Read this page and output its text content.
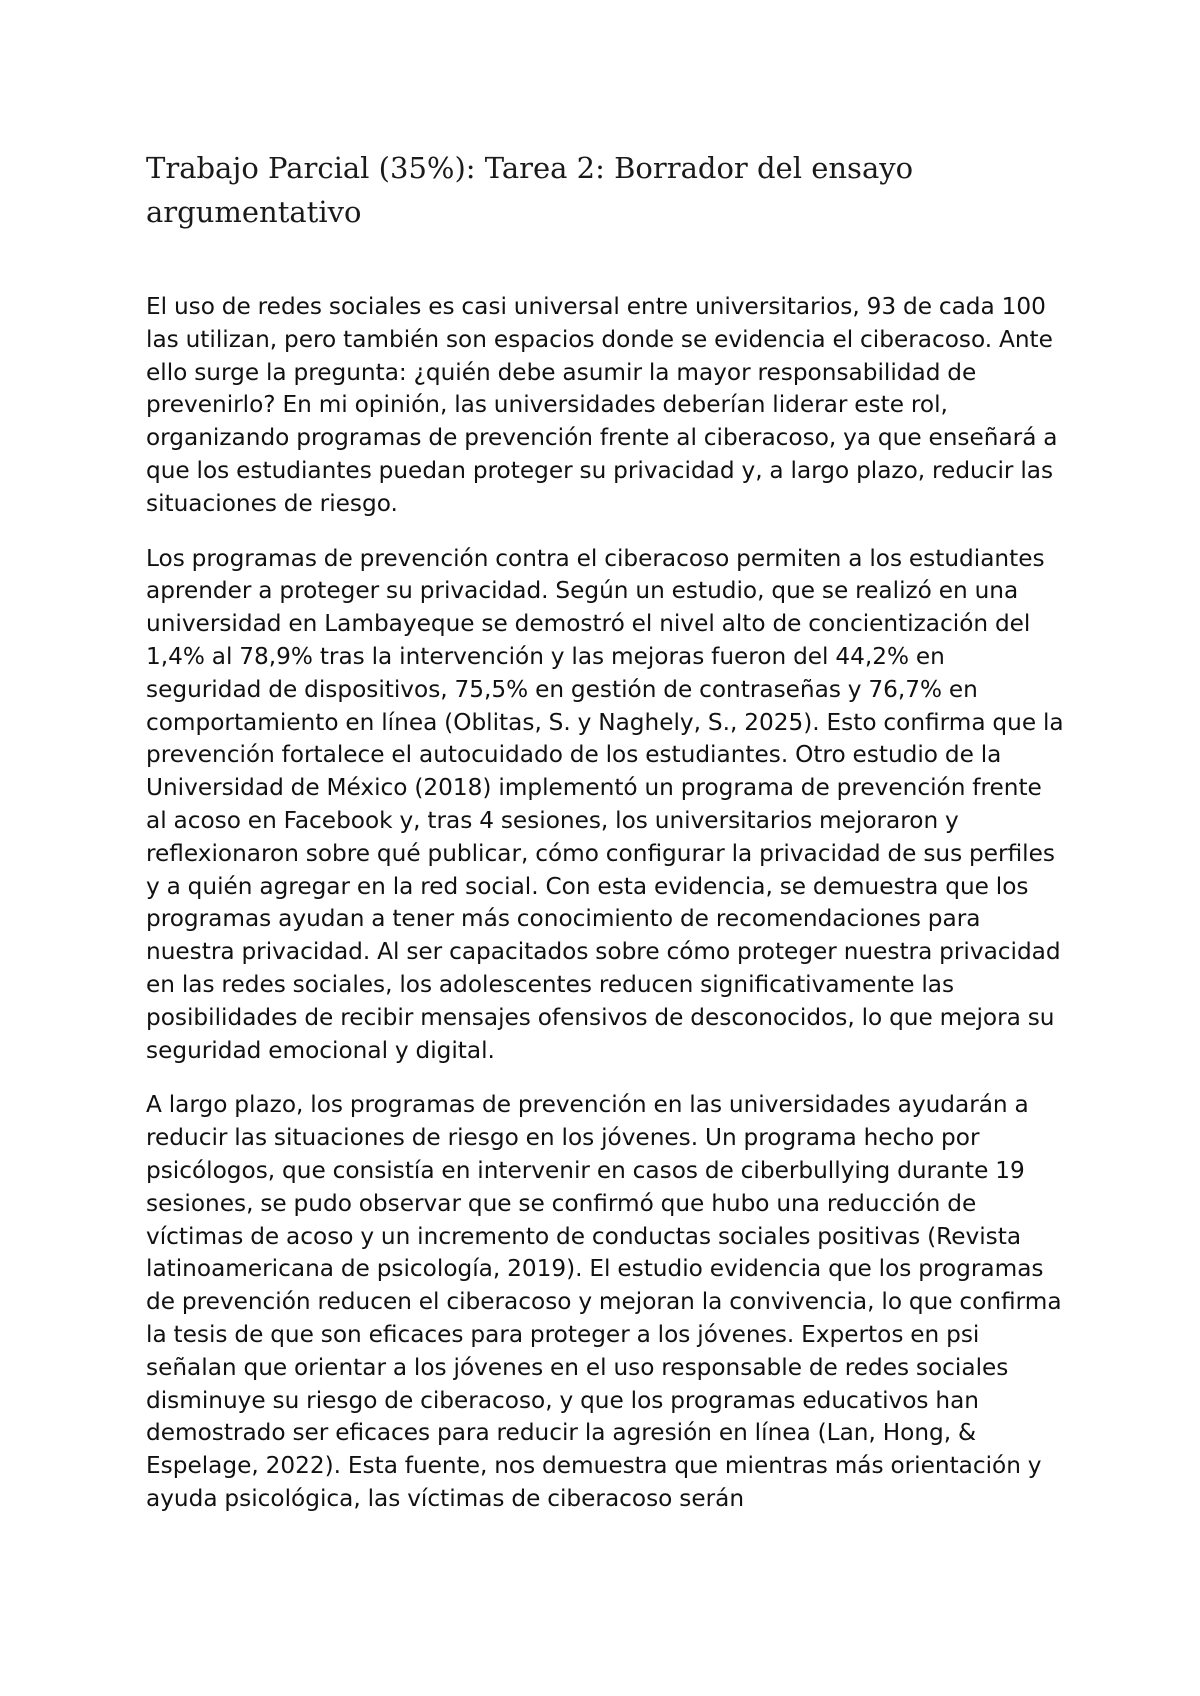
Trabajo Parcial (35%): Tarea 2: Borrador del ensayo argumentativo

El uso de redes sociales es casi universal entre universitarios, 93 de cada 100 las utilizan, pero también son espacios donde se evidencia el ciberacoso. Ante ello surge la pregunta: ¿quién debe asumir la mayor responsabilidad de prevenirlo? En mi opinión, las universidades deberían liderar este rol, organizando programas de prevención frente al ciberacoso, ya que enseñará a que los estudiantes puedan proteger su privacidad y, a largo plazo, reducir las situaciones de riesgo.

Los programas de prevención contra el ciberacoso permiten a los estudiantes aprender a proteger su privacidad. Según un estudio, que se realizó en una universidad en Lambayeque se demostró el nivel alto de concientización del 1,4% al 78,9% tras la intervención y las mejoras fueron del 44,2% en seguridad de dispositivos, 75,5% en gestión de contraseñas y 76,7% en comportamiento en línea (Oblitas, S. y Naghely, S., 2025). Esto confirma que la prevención fortalece el autocuidado de los estudiantes. Otro estudio de la Universidad de México (2018) implementó un programa de prevención frente al acoso en Facebook y, tras 4 sesiones, los universitarios mejoraron y reflexionaron sobre qué publicar, cómo configurar la privacidad de sus perfiles y a quién agregar en la red social. Con esta evidencia, se demuestra que los programas ayudan a tener más conocimiento de recomendaciones para nuestra privacidad. Al ser capacitados sobre cómo proteger nuestra privacidad en las redes sociales, los adolescentes reducen significativamente las posibilidades de recibir mensajes ofensivos de desconocidos, lo que mejora su seguridad emocional y digital.

A largo plazo, los programas de prevención en las universidades ayudarán a reducir las situaciones de riesgo en los jóvenes. Un programa hecho por psicólogos, que consistía en intervenir en casos de ciberbullying durante 19 sesiones, se pudo observar que se confirmó que hubo una reducción de víctimas de acoso y un incremento de conductas sociales positivas (Revista latinoamericana de psicología, 2019). El estudio evidencia que los programas de prevención reducen el ciberacoso y mejoran la convivencia, lo que confirma la tesis de que son eficaces para proteger a los jóvenes. Expertos en psi señalan que orientar a los jóvenes en el uso responsable de redes sociales disminuye su riesgo de ciberacoso, y que los programas educativos han demostrado ser eficaces para reducir la agresión en línea (Lan, Hong, & Espelage, 2022). Esta fuente, nos demuestra que mientras más orientación y ayuda psicológica, las víctimas de ciberacoso serán
